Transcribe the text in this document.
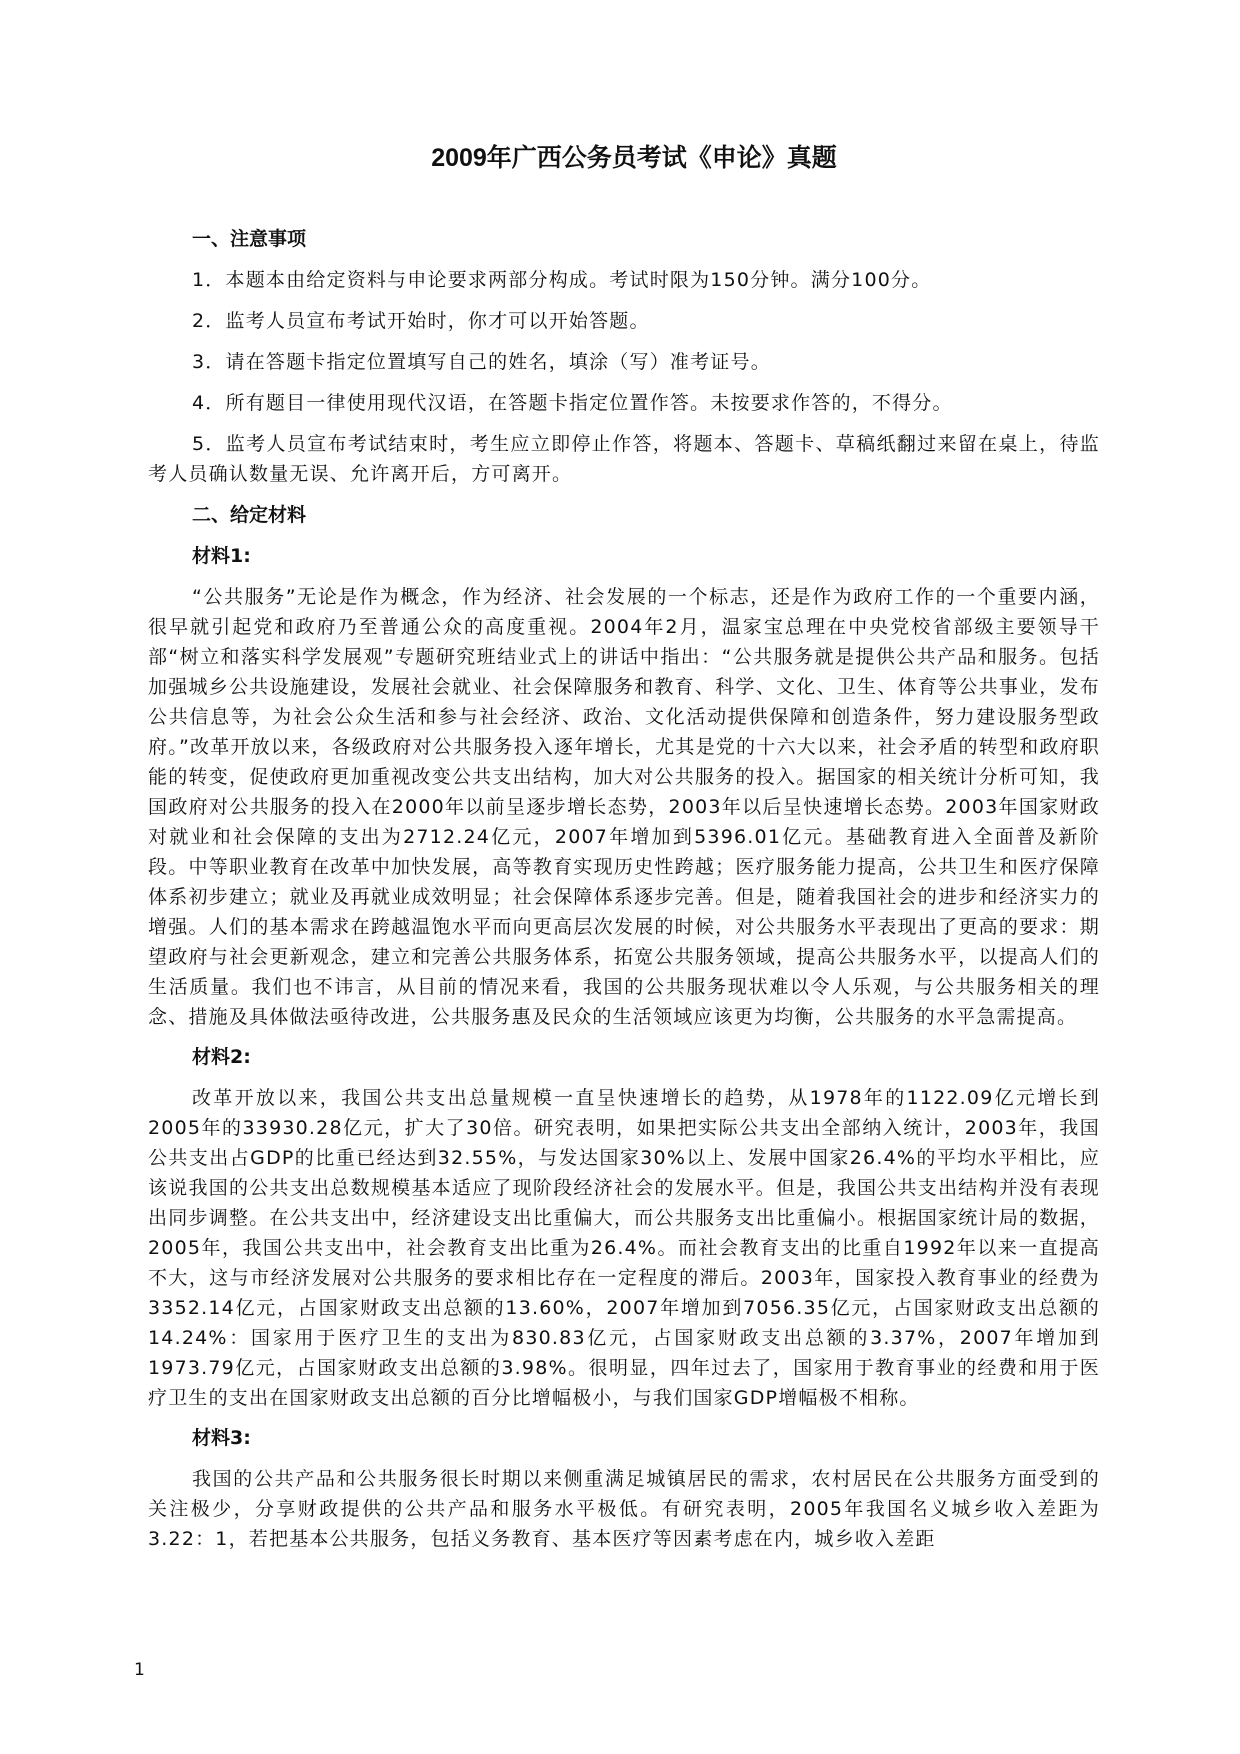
2009年广西公务员考试《申论》真题

一、注意事项

1．本题本由给定资料与申论要求两部分构成。考试时限为150分钟。满分100分。

2．监考人员宣布考试开始时，你才可以开始答题。

3．请在答题卡指定位置填写自己的姓名，填涂（写）准考证号。

4．所有题目一律使用现代汉语，在答题卡指定位置作答。未按要求作答的，不得分。

5．监考人员宣布考试结束时，考生应立即停止作答，将题本、答题卡、草稿纸翻过来留在桌上，待监考人员确认数量无误、允许离开后，方可离开。

二、给定材料

材料1:

“公共服务”无论是作为概念，作为经济、社会发展的一个标志，还是作为政府工作的一个重要内涵，很早就引起党和政府乃至普通公众的高度重视。2004年2月，温家宝总理在中央党校省部级主要领导干部“树立和落实科学发展观”专题研究班结业式上的讲话中指出：“公共服务就是提供公共产品和服务。包括加强城乡公共设施建设，发展社会就业、社会保障服务和教育、科学、文化、卫生、体育等公共事业，发布公共信息等，为社会公众生活和参与社会经济、政治、文化活动提供保障和创造条件，努力建设服务型政府。”改革开放以来，各级政府对公共服务投入逐年增长，尤其是党的十六大以来，社会矛盾的转型和政府职能的转变，促使政府更加重视改变公共支出结构，加大对公共服务的投入。据国家的相关统计分析可知，我国政府对公共服务的投入在2000年以前呈逐步增长态势，2003年以后呈快速增长态势。2003年国家财政对就业和社会保障的支出为2712.24亿元，2007年增加到5396.01亿元。基础教育进入全面普及新阶段。中等职业教育在改革中加快发展，高等教育实现历史性跨越；医疗服务能力提高，公共卫生和医疗保障体系初步建立；就业及再就业成效明显；社会保障体系逐步完善。但是，随着我国社会的进步和经济实力的增强。人们的基本需求在跨越温饱水平而向更高层次发展的时候，对公共服务水平表现出了更高的要求：期望政府与社会更新观念，建立和完善公共服务体系，拓宽公共服务领域，提高公共服务水平，以提高人们的生活质量。我们也不讳言，从目前的情况来看，我国的公共服务现状难以令人乐观，与公共服务相关的理念、措施及具体做法亟待改进，公共服务惠及民众的生活领域应该更为均衡，公共服务的水平急需提高。

材料2:

改革开放以来，我国公共支出总量规模一直呈快速增长的趋势，从1978年的1122.09亿元增长到2005年的33930.28亿元，扩大了30倍。研究表明，如果把实际公共支出全部纳入统计，2003年，我国公共支出占GDP的比重已经达到32.55%，与发达国家30%以上、发展中国家26.4%的平均水平相比，应该说我国的公共支出总数规模基本适应了现阶段经济社会的发展水平。但是，我国公共支出结构并没有表现出同步调整。在公共支出中，经济建设支出比重偏大，而公共服务支出比重偏小。根据国家统计局的数据，2005年，我国公共支出中，社会教育支出比重为26.4%。而社会教育支出的比重自1992年以来一直提高不大，这与市经济发展对公共服务的要求相比存在一定程度的滞后。2003年，国家投入教育事业的经费为3352.14亿元，占国家财政支出总额的13.60%，2007年增加到7056.35亿元，占国家财政支出总额的14.24%：国家用于医疗卫生的支出为830.83亿元，占国家财政支出总额的3.37%，2007年增加到1973.79亿元，占国家财政支出总额的3.98%。很明显，四年过去了，国家用于教育事业的经费和用于医疗卫生的支出在国家财政支出总额的百分比增幅极小，与我们国家GDP增幅极不相称。

材料3:

我国的公共产品和公共服务很长时期以来侧重满足城镇居民的需求，农村居民在公共服务方面受到的关注极少，分享财政提供的公共产品和服务水平极低。有研究表明，2005年我国名义城乡收入差距为3.22：1，若把基本公共服务，包括义务教育、基本医疗等因素考虑在内，城乡收入差距

1
